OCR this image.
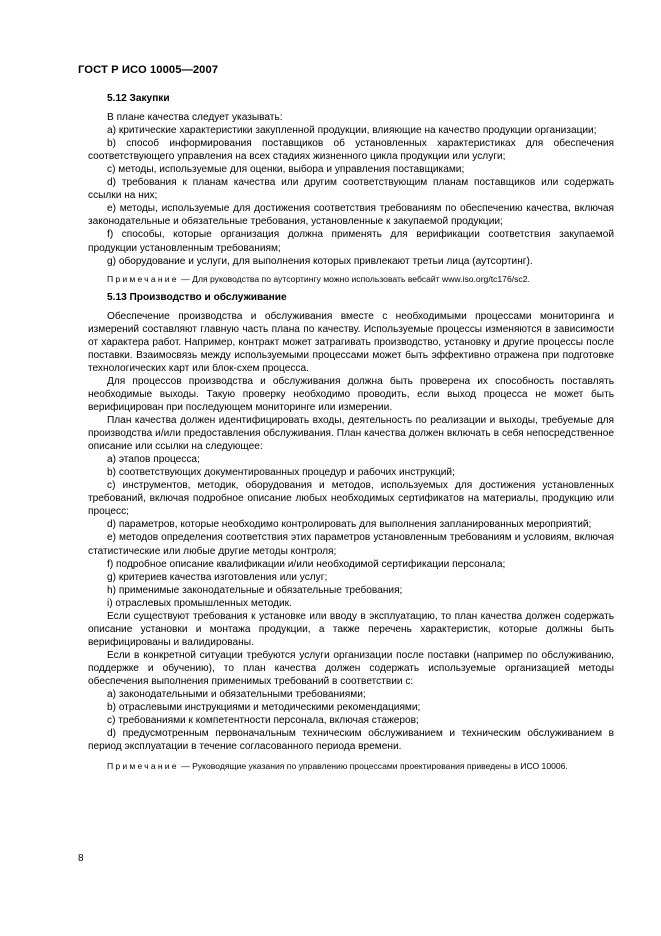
ГОСТ Р ИСО 10005—2007
5.12 Закупки

В плане качества следует указывать:

a) критические характеристики закупленной продукции, влияющие на качество продукции организации;

b) способ информирования поставщиков об установленных характеристиках для обеспечения соответствующего управления на всех стадиях жизненного цикла продукции или услуги;

c) методы, используемые для оценки, выбора и управления поставщиками;

d) требования к планам качества или другим соответствующим планам поставщиков или содержать ссылки на них;

e) методы, используемые для достижения соответствия требованиям по обеспечению качества, включая законодательные и обязательные требования, установленные к закупаемой продукции;

f) способы, которые организация должна применять для верификации соответствия закупаемой продукции установленным требованиям;

g) оборудование и услуги, для выполнения которых привлекают третьи лица (аутсортинг).

Примечание — Для руководства по аутсортингу можно использовать вебсайт www.iso.org/tc176/sc2.

5.13 Производство и обслуживание

Обеспечение производства и обслуживания вместе с необходимыми процессами мониторинга и измерений составляют главную часть плана по качеству. Используемые процессы изменяются в зависимости от характера работ. Например, контракт может затрагивать производство, установку и другие процессы после поставки. Взаимосвязь между используемыми процессами может быть эффективно отражена при подготовке технологических карт или блок-схем процесса.

Для процессов производства и обслуживания должна быть проверена их способность поставлять необходимые выходы. Такую проверку необходимо проводить, если выход процесса не может быть верифицирован при последующем мониторинге или измерении.

План качества должен идентифицировать входы, деятельность по реализации и выходы, требуемые для производства и/или предоставления обслуживания. План качества должен включать в себя непосредственное описание или ссылки на следующее:

a) этапов процесса;

b) соответствующих документированных процедур и рабочих инструкций;

c) инструментов, методик, оборудования и методов, используемых для достижения установленных требований, включая подробное описание любых необходимых сертификатов на материалы, продукцию или процесс;

d) параметров, которые необходимо контролировать для выполнения запланированных мероприятий;

e) методов определения соответствия этих параметров установленным требованиям и условиям, включая статистические или любые другие методы контроля;

f) подробное описание квалификации и/или необходимой сертификации персонала;

g) критериев качества изготовления или услуг;

h) применимые законодательные и обязательные требования;

i) отраслевых промышленных методик.

Если существуют требования к установке или вводу в эксплуатацию, то план качества должен содержать описание установки и монтажа продукции, а также перечень характеристик, которые должны быть верифицированы и валидированы.

Если в конкретной ситуации требуются услуги организации после поставки (например по обслуживанию, поддержке и обучению), то план качества должен содержать используемые организацией методы обеспечения выполнения применимых требований в соответствии с:

a) законодательными и обязательными требованиями;

b) отраслевыми инструкциями и методическими рекомендациями;

c) требованиями к компетентности персонала, включая стажеров;

d) предусмотренным первоначальным техническим обслуживанием и техническим обслуживанием в период эксплуатации в течение согласованного периода времени.

Примечание — Руководящие указания по управлению процессами проектирования приведены в ИСО 10006.

8
